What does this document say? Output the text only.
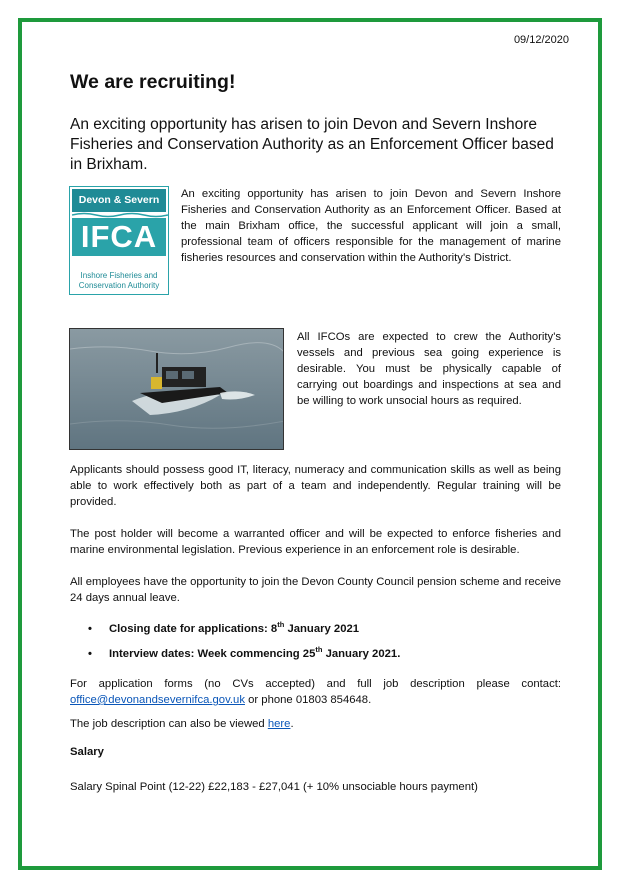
09/12/2020
We are recruiting!

An exciting opportunity has arisen to join Devon and Severn Inshore Fisheries and Conservation Authority as an Enforcement Officer based in Brixham.

Devon & Severn
IFCA
Inshore Fisheries and
Conservation Authority

An exciting opportunity has arisen to join Devon and Severn Inshore Fisheries and Conservation Authority as an Enforcement Officer. Based at the main Brixham office, the successful applicant will join a small, professional team of officers responsible for the management of marine fisheries resources and conservation within the Authority's District.

All IFCOs are expected to crew the Authority's vessels and previous sea going experience is desirable. You must be physically capable of carrying out boardings and inspections at sea and be willing to work unsocial hours as required.

Applicants should possess good IT, literacy, numeracy and communication skills as well as being able to work effectively both as part of a team and independently. Regular training will be provided.

The post holder will become a warranted officer and will be expected to enforce fisheries and marine environmental legislation. Previous experience in an enforcement role is desirable.

All employees have the opportunity to join the Devon County Council pension scheme and receive 24 days annual leave.

• Closing date for applications: 8th January 2021
• Interview dates: Week commencing 25th January 2021.

For application forms (no CVs accepted) and full job description please contact: office@devonandsevernifca.gov.uk or phone 01803 854648.

The job description can also be viewed here.

Salary

Salary Spinal Point (12-22) £22,183 - £27,041 (+ 10% unsociable hours payment)
